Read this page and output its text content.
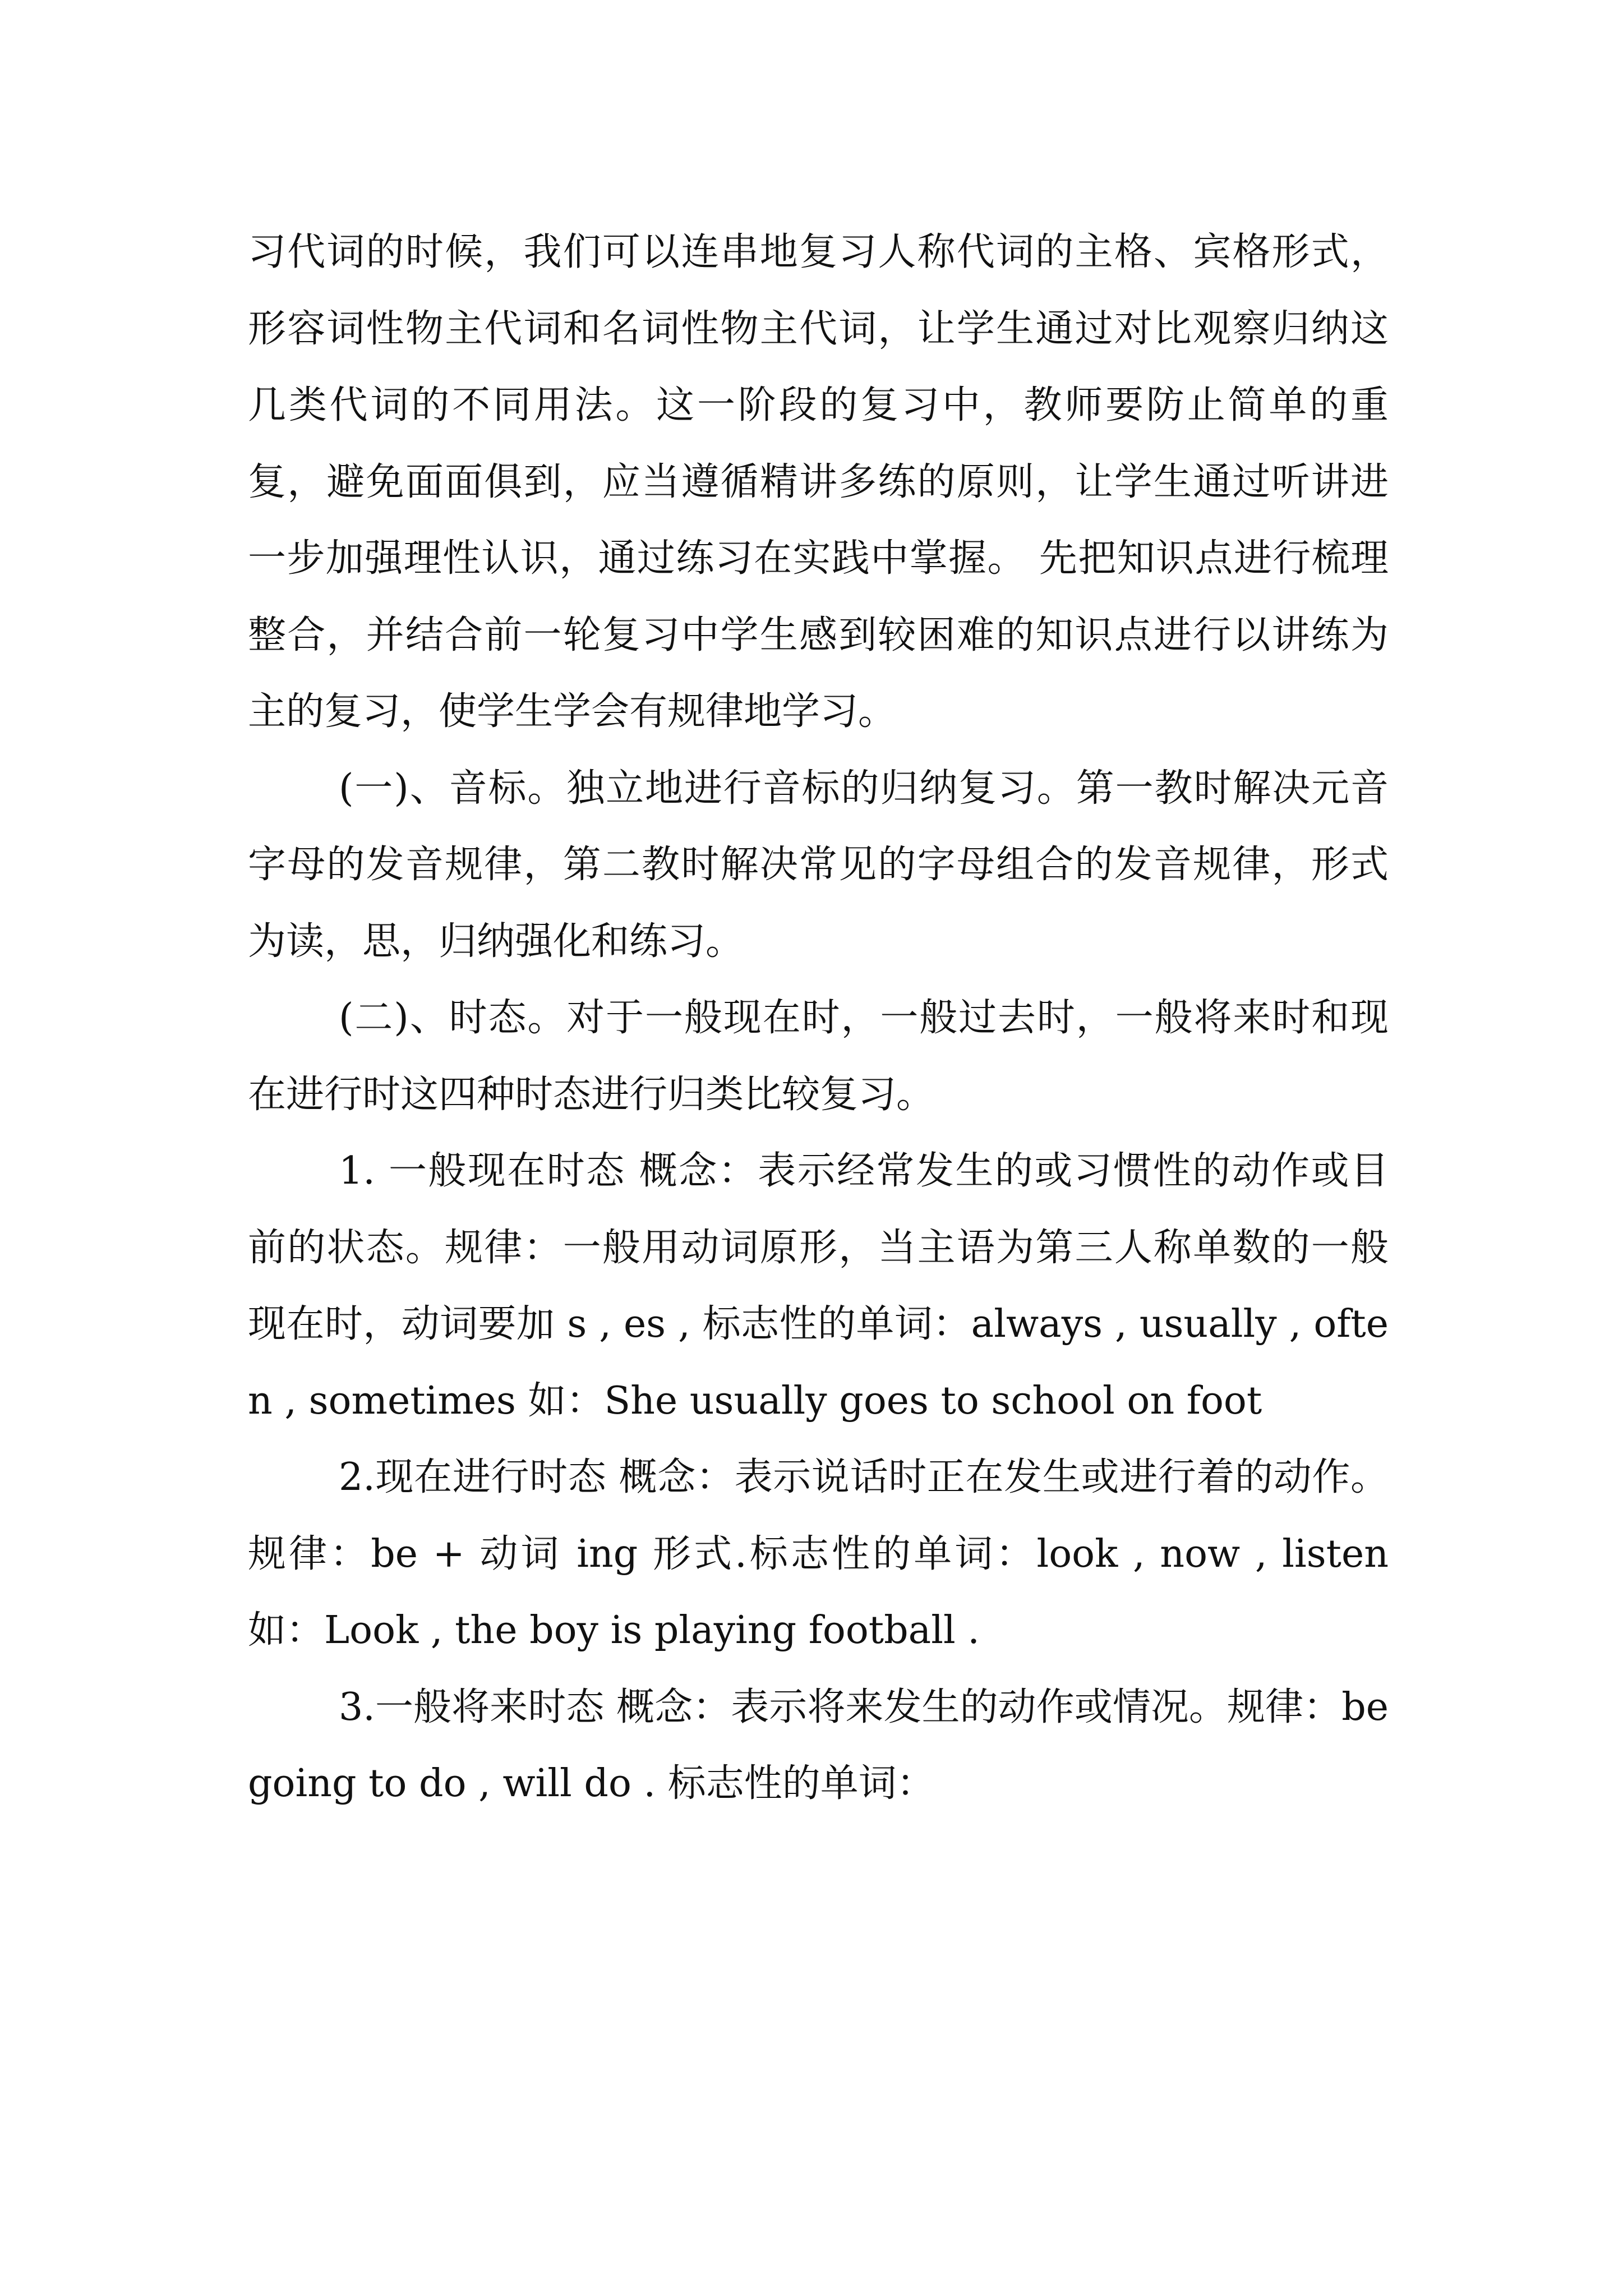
习代词的时候，我们可以连串地复习人称代词的主格、宾格形式，形容词性物主代词和名词性物主代词，让学生通过对比观察归纳这几类代词的不同用法。这一阶段的复习中，教师要防止简单的重复，避免面面俱到，应当遵循精讲多练的原则，让学生通过听讲进一步加强理性认识，通过练习在实践中掌握。 先把知识点进行梳理整合，并结合前一轮复习中学生感到较困难的知识点进行以讲练为主的复习，使学生学会有规律地学习。

(一)、音标。独立地进行音标的归纳复习。第一教时解决元音字母的发音规律，第二教时解决常见的字母组合的发音规律，形式为读，思，归纳强化和练习。

(二)、时态。对于一般现在时，一般过去时，一般将来时和现在进行时这四种时态进行归类比较复习。

1. 一般现在时态 概念：表示经常发生的或习惯性的动作或目前的状态。规律：一般用动词原形，当主语为第三人称单数的一般现在时，动词要加 s , es , 标志性的单词：always , usually , often , sometimes 如：She usually goes to school on foot

2.现在进行时态 概念：表示说话时正在发生或进行着的动作。 规律：be + 动词 ing 形式.标志性的单词：look , now , listen 如：Look , the boy is playing football .

3.一般将来时态 概念：表示将来发生的动作或情况。规律：be going to do , will do . 标志性的单词：
